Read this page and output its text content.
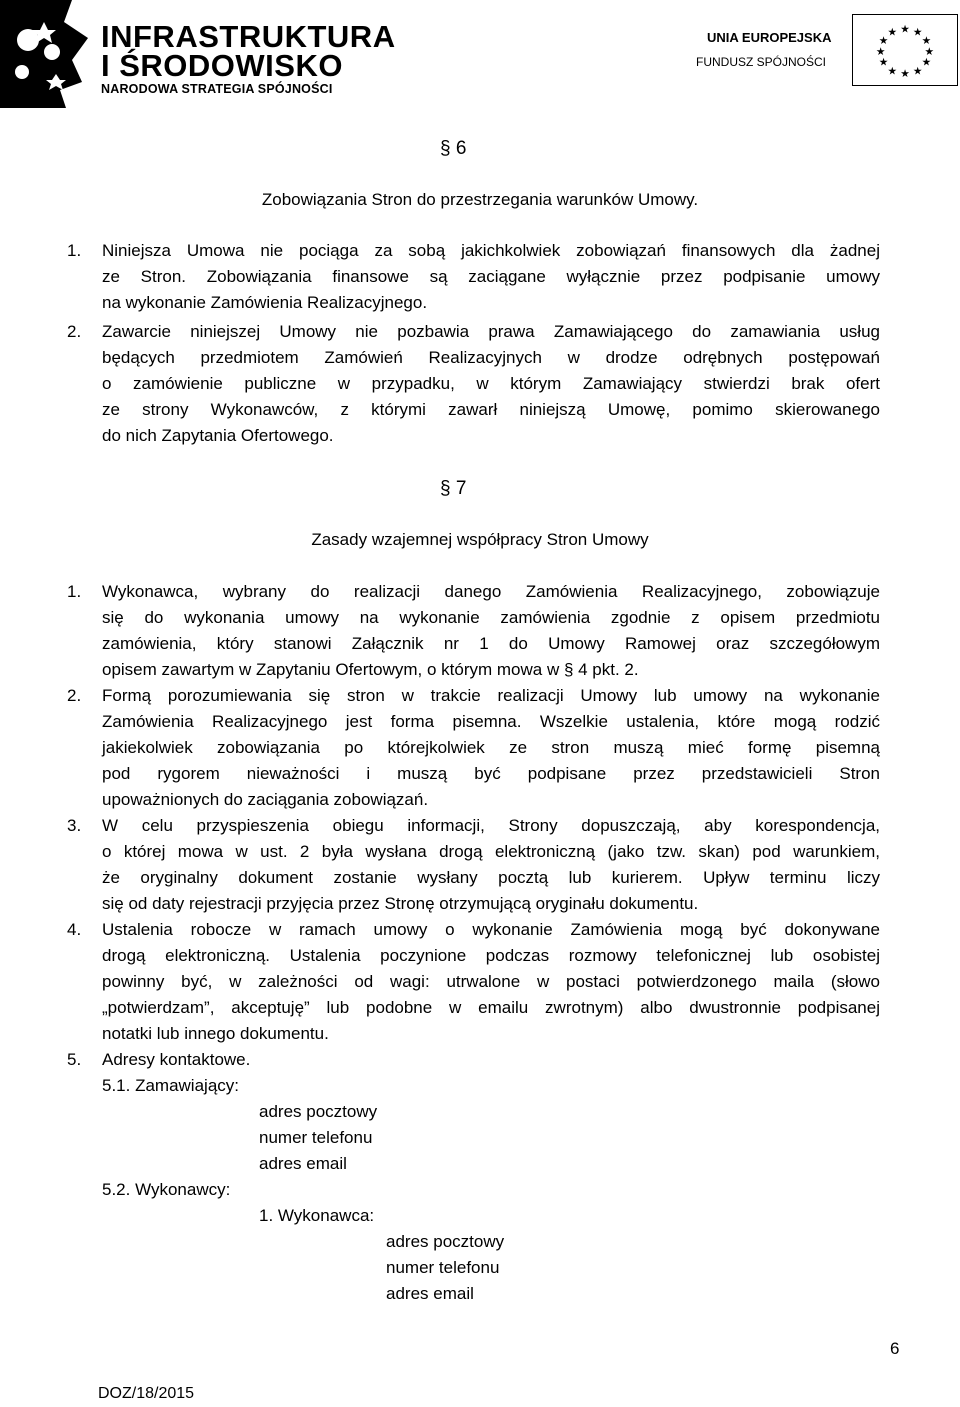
INFRASTRUKTURA
I ŚRODOWISKO
NARODOWA STRATEGIA SPÓJNOŚCI
UNIA EUROPEJSKA
FUNDUSZ SPÓJNOŚCI
★ ★
★
★
★
★
★
★
★
★
★
★
§ 6
Zobowiązania Stron do przestrzegania warunków Umowy.
1. Niniejsza Umowa nie pociąga za sobą jakichkolwiek zobowiązań finansowych dla żadnej
ze Stron. Zobowiązania finansowe są zaciągane wyłącznie przez podpisanie umowy
na wykonanie Zamówienia Realizacyjnego.
2. Zawarcie niniejszej Umowy nie pozbawia prawa Zamawiającego do zamawiania usług
będących przedmiotem Zamówień Realizacyjnych w drodze odrębnych postępowań
o zamówienie publiczne w przypadku, w którym Zamawiający stwierdzi brak ofert
ze strony Wykonawców, z którymi zawarł niniejszą Umowę, pomimo skierowanego
do nich Zapytania Ofertowego.
§ 7
Zasady wzajemnej współpracy Stron Umowy
1. Wykonawca, wybrany do realizacji danego Zamówienia Realizacyjnego, zobowiązuje
się do wykonania umowy na wykonanie zamówienia zgodnie z opisem przedmiotu
zamówienia, który stanowi Załącznik nr 1 do Umowy Ramowej oraz szczegółowym
opisem zawartym w Zapytaniu Ofertowym, o którym mowa w § 4 pkt. 2.
2. Formą porozumiewania się stron w trakcie realizacji Umowy lub umowy na wykonanie
Zamówienia Realizacyjnego jest forma pisemna. Wszelkie ustalenia, które mogą rodzić
jakiekolwiek zobowiązania po którejkolwiek ze stron muszą mieć formę pisemną
pod rygorem nieważności i muszą być podpisane przez przedstawicieli Stron
upoważnionych do zaciągania zobowiązań.
3. W celu przyspieszenia obiegu informacji, Strony dopuszczają, aby korespondencja,
o której mowa w ust. 2 była wysłana drogą elektroniczną (jako tzw. skan) pod warunkiem,
że oryginalny dokument zostanie wysłany pocztą lub kurierem. Upływ terminu liczy
się od daty rejestracji przyjęcia przez Stronę otrzymującą oryginału dokumentu.
4. Ustalenia robocze w ramach umowy o wykonanie Zamówienia mogą być dokonywane
drogą elektroniczną. Ustalenia poczynione podczas rozmowy telefonicznej lub osobistej
powinny być, w zależności od wagi: utrwalone w postaci potwierdzonego maila (słowo
„potwierdzam”, akceptuję” lub podobne w emailu zwrotnym) albo dwustronnie podpisanej
notatki lub innego dokumentu.
5. Adresy kontaktowe.
5.1. Zamawiający:
adres pocztowy
numer telefonu
adres email
5.2. Wykonawcy:
1. Wykonawca:
adres pocztowy
numer telefonu
adres email
6
DOZ/18/2015
